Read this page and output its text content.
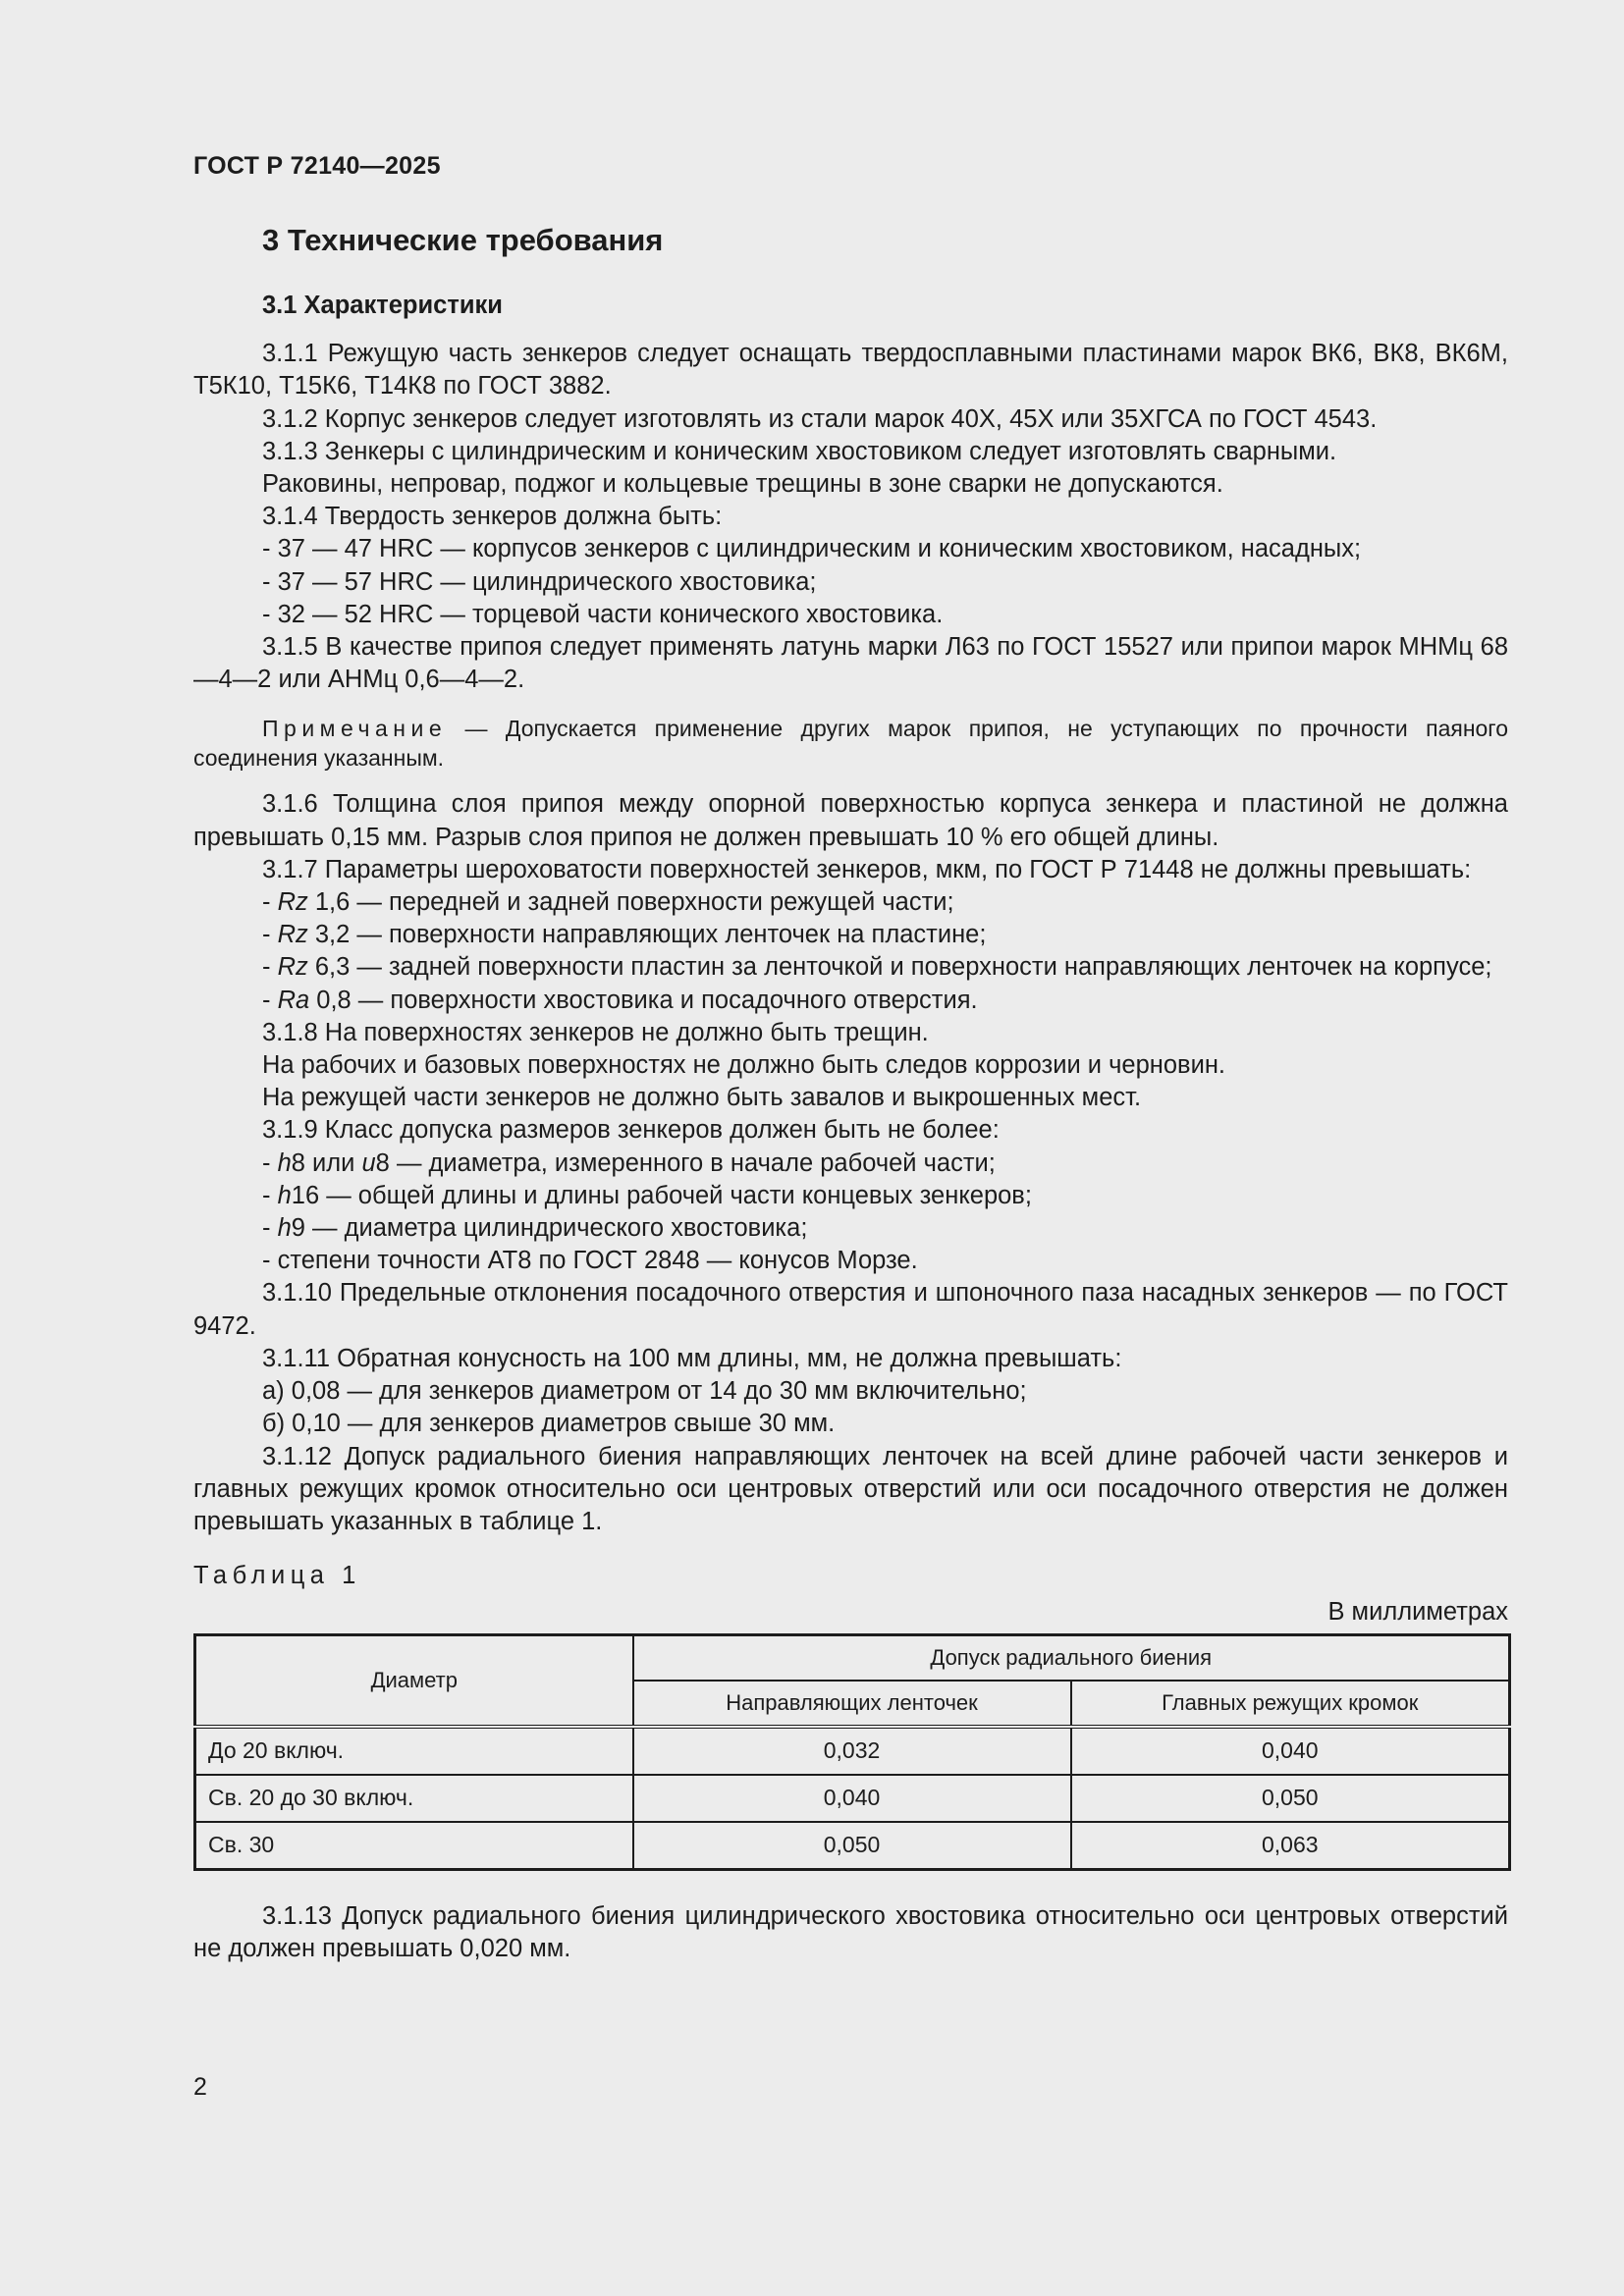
ГОСТ Р 72140—2025
3 Технические требования
3.1 Характеристики

3.1.1 Режущую часть зенкеров следует оснащать твердосплавными пластинами марок ВК6, ВК8, ВК6М, Т5К10, Т15К6, Т14К8 по ГОСТ 3882.

3.1.2 Корпус зенкеров следует изготовлять из стали марок 40Х, 45Х или 35ХГСА по ГОСТ 4543.

3.1.3 Зенкеры с цилиндрическим и коническим хвостовиком следует изготовлять сварными.

Раковины, непровар, поджог и кольцевые трещины в зоне сварки не допускаются.

3.1.4 Твердость зенкеров должна быть:

- 37 — 47 HRC — корпусов зенкеров с цилиндрическим и коническим хвостовиком, насадных;

- 37 — 57 HRC — цилиндрического хвостовика;

- 32 — 52 HRC — торцевой части конического хвостовика.

3.1.5 В качестве припоя следует применять латунь марки Л63 по ГОСТ 15527 или припои марок МНМц 68—4—2 или АНМц 0,6—4—2.

Примечание — Допускается применение других марок припоя, не уступающих по прочности паяного соединения указанным.

3.1.6 Толщина слоя припоя между опорной поверхностью корпуса зенкера и пластиной не должна превышать 0,15 мм. Разрыв слоя припоя не должен превышать 10 % его общей длины.

3.1.7 Параметры шероховатости поверхностей зенкеров, мкм, по ГОСТ Р 71448 не должны превышать:

- Rz 1,6 — передней и задней поверхности режущей части;

- Rz 3,2 — поверхности направляющих ленточек на пластине;

- Rz 6,3 — задней поверхности пластин за ленточкой и поверхности направляющих ленточек на корпусе;

- Ra 0,8 — поверхности хвостовика и посадочного отверстия.

3.1.8 На поверхностях зенкеров не должно быть трещин.

На рабочих и базовых поверхностях не должно быть следов коррозии и черновин.

На режущей части зенкеров не должно быть завалов и выкрошенных мест.

3.1.9 Класс допуска размеров зенкеров должен быть не более:

- h8 или u8 — диаметра, измеренного в начале рабочей части;

- h16 — общей длины и длины рабочей части концевых зенкеров;

- h9 — диаметра цилиндрического хвостовика;

- степени точности АТ8 по ГОСТ 2848 — конусов Морзе.

3.1.10 Предельные отклонения посадочного отверстия и шпоночного паза насадных зенкеров — по ГОСТ 9472.

3.1.11 Обратная конусность на 100 мм длины, мм, не должна превышать:

а) 0,08 — для зенкеров диаметром от 14 до 30 мм включительно;

б) 0,10 — для зенкеров диаметров свыше 30 мм.

3.1.12 Допуск радиального биения направляющих ленточек на всей длине рабочей части зенкеров и главных режущих кромок относительно оси центровых отверстий или оси посадочного отверстия не должен превышать указанных в таблице 1.

Таблица 1
В миллиметрах
Диаметр	Допуск радиального биения	
	Направляющих ленточек	Главных режущих кромок
До 20 включ.	0,032	0,040
Св. 20 до 30 включ.	0,040	0,050
Св. 30	0,050	0,063

3.1.13 Допуск радиального биения цилиндрического хвостовика относительно оси центровых отверстий не должен превышать 0,020 мм.

2
